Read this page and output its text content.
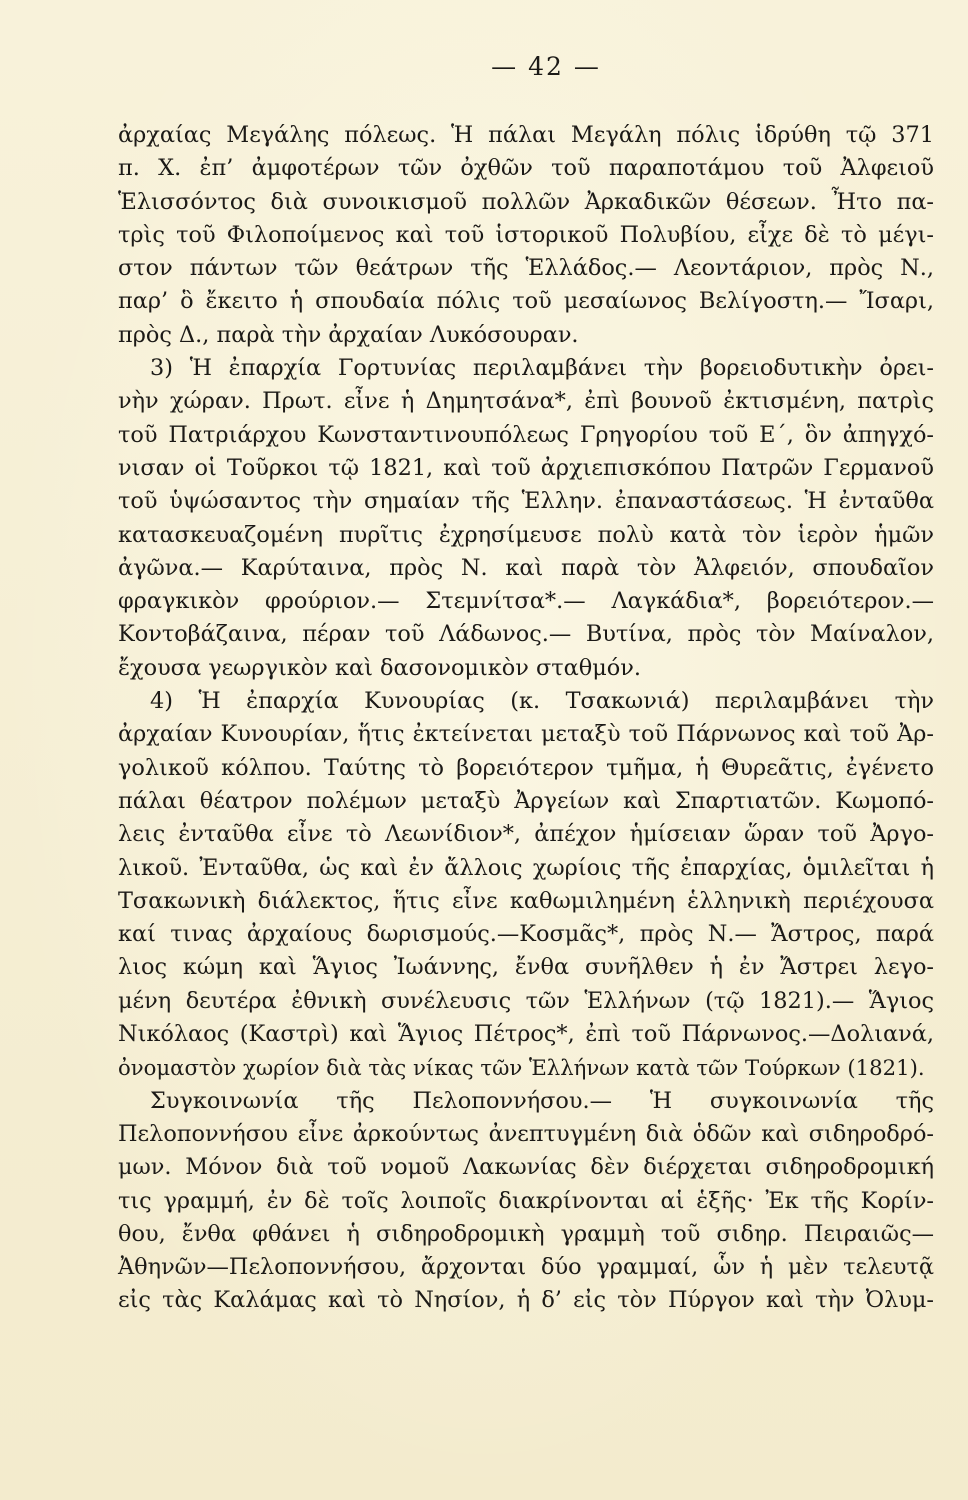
— 42 —
ἀρχαίας Μεγάλης πόλεως. Ἡ πάλαι Μεγάλη πόλις ἱδρύθη τῷ 371
π. Χ. ἐπ’ ἀμφοτέρων τῶν ὀχθῶν τοῦ παραποτάμου τοῦ Ἀλφειοῦ
Ἑλισσόντος διὰ συνοικισμοῦ πολλῶν Ἀρκαδικῶν θέσεων. Ἦτο πα-
τρὶς τοῦ Φιλοποίμενος καὶ τοῦ ἱστορικοῦ Πολυβίου, εἶχε δὲ τὸ μέγι-
στον πάντων τῶν θεάτρων τῆς Ἑλλάδος.— Λεοντάριον, πρὸς Ν.,
παρ’ ὃ ἔκειτο ἡ σπουδαία πόλις τοῦ μεσαίωνος Βελίγοστη.— Ἴσαρι,
πρὸς Δ., παρὰ τὴν ἀρχαίαν Λυκόσουραν.
3) Ἡ ἐπαρχία Γορτυνίας περιλαμβάνει τὴν βορειοδυτικὴν ὀρει-
νὴν χώραν. Πρωτ. εἶνε ἡ Δημητσάνα*, ἐπὶ βουνοῦ ἐκτισμένη, πατρὶς
τοῦ Πατριάρχου Κωνσταντινουπόλεως Γρηγορίου τοῦ Ε΄, ὃν ἀπηγχό-
νισαν οἱ Τοῦρκοι τῷ 1821, καὶ τοῦ ἀρχιεπισκόπου Πατρῶν Γερμανοῦ
τοῦ ὑψώσαντος τὴν σημαίαν τῆς Ἑλλην. ἐπαναστάσεως. Ἡ ἐνταῦθα
κατασκευαζομένη πυρῖτις ἐχρησίμευσε πολὺ κατὰ τὸν ἱερὸν ἡμῶν
ἀγῶνα.— Καρύταινα, πρὸς Ν. καὶ παρὰ τὸν Ἀλφειόν, σπουδαῖον
φραγκικὸν φρούριον.— Στεμνίτσα*.— Λαγκάδια*, βορειότερον.—
Κοντοβάζαινα, πέραν τοῦ Λάδωνος.— Βυτίνα, πρὸς τὸν Μαίναλον,
ἔχουσα γεωργικὸν καὶ δασονομικὸν σταθμόν.
4) Ἡ ἐπαρχία Κυνουρίας (κ. Τσακωνιά) περιλαμβάνει τὴν
ἀρχαίαν Κυνουρίαν, ἥτις ἐκτείνεται μεταξὺ τοῦ Πάρνωνος καὶ τοῦ Ἀρ-
γολικοῦ κόλπου. Ταύτης τὸ βορειότερον τμῆμα, ἡ Θυρεᾶτις, ἐγένετο
πάλαι θέατρον πολέμων μεταξὺ Ἀργείων καὶ Σπαρτιατῶν. Κωμοπό-
λεις ἐνταῦθα εἶνε τὸ Λεωνίδιον*, ἀπέχον ἡμίσειαν ὥραν τοῦ Ἀργο-
λικοῦ. Ἐνταῦθα, ὡς καὶ ἐν ἄλλοις χωρίοις τῆς ἐπαρχίας, ὁμιλεῖται ἡ
Τσακωνικὴ διάλεκτος, ἥτις εἶνε καθωμιλημένη ἑλληνικὴ περιέχουσα
καί τινας ἀρχαίους δωρισμούς.—Κοσμᾶς*, πρὸς Ν.— Ἄστρος, παρά
λιος κώμη καὶ Ἅγιος Ἰωάννης, ἔνθα συνῆλθεν ἡ ἐν Ἄστρει λεγο-
μένη δευτέρα ἐθνικὴ συνέλευσις τῶν Ἑλλήνων (τῷ 1821).— Ἅγιος
Νικόλαος (Καστρὶ) καὶ Ἅγιος Πέτρος*, ἐπὶ τοῦ Πάρνωνος.—Δολιανά,
ὀνομαστὸν χωρίον διὰ τὰς νίκας τῶν Ἑλλήνων κατὰ τῶν Τούρκων (1821).
Συγκοινωνία τῆς Πελοποννήσου.— Ἡ συγκοινωνία τῆς
Πελοποννήσου εἶνε ἀρκούντως ἀνεπτυγμένη διὰ ὁδῶν καὶ σιδηροδρό-
μων. Μόνον διὰ τοῦ νομοῦ Λακωνίας δὲν διέρχεται σιδηροδρομική
τις γραμμή, ἐν δὲ τοῖς λοιποῖς διακρίνονται αἱ ἑξῆς· Ἐκ τῆς Κορίν-
θου, ἔνθα φθάνει ἡ σιδηροδρομικὴ γραμμὴ τοῦ σιδηρ. Πειραιῶς—
Ἀθηνῶν—Πελοποννήσου, ἄρχονται δύο γραμμαί, ὧν ἡ μὲν τελευτᾷ
εἰς τὰς Καλάμας καὶ τὸ Νησίον, ἡ δ’ εἰς τὸν Πύργον καὶ τὴν Ὀλυμ-
